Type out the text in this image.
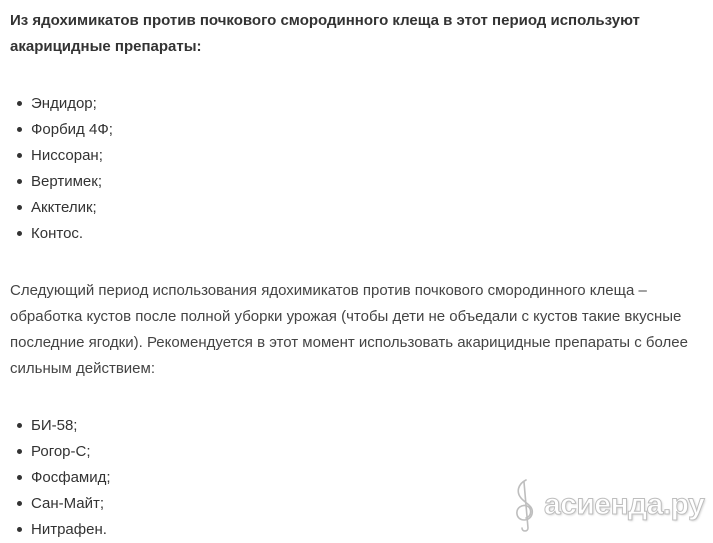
Из ядохимикатов против почкового смородинного клеща в этот период используют акарицидные препараты:

Эндидор;
Форбид 4Ф;
Ниссоран;
Вертимек;
Акктелик;
Контос.

Следующий период использования ядохимикатов против почкового смородинного клеща – обработка кустов после полной уборки урожая (чтобы дети не объедали с кустов такие вкусные последние ягодки). Рекомендуется в этот момент использовать акарицидные препараты с более сильным действием:

БИ-58;
Рогор-С;
Фосфамид;
Сан-Майт;
Нитрафен.
асиенда.ру
